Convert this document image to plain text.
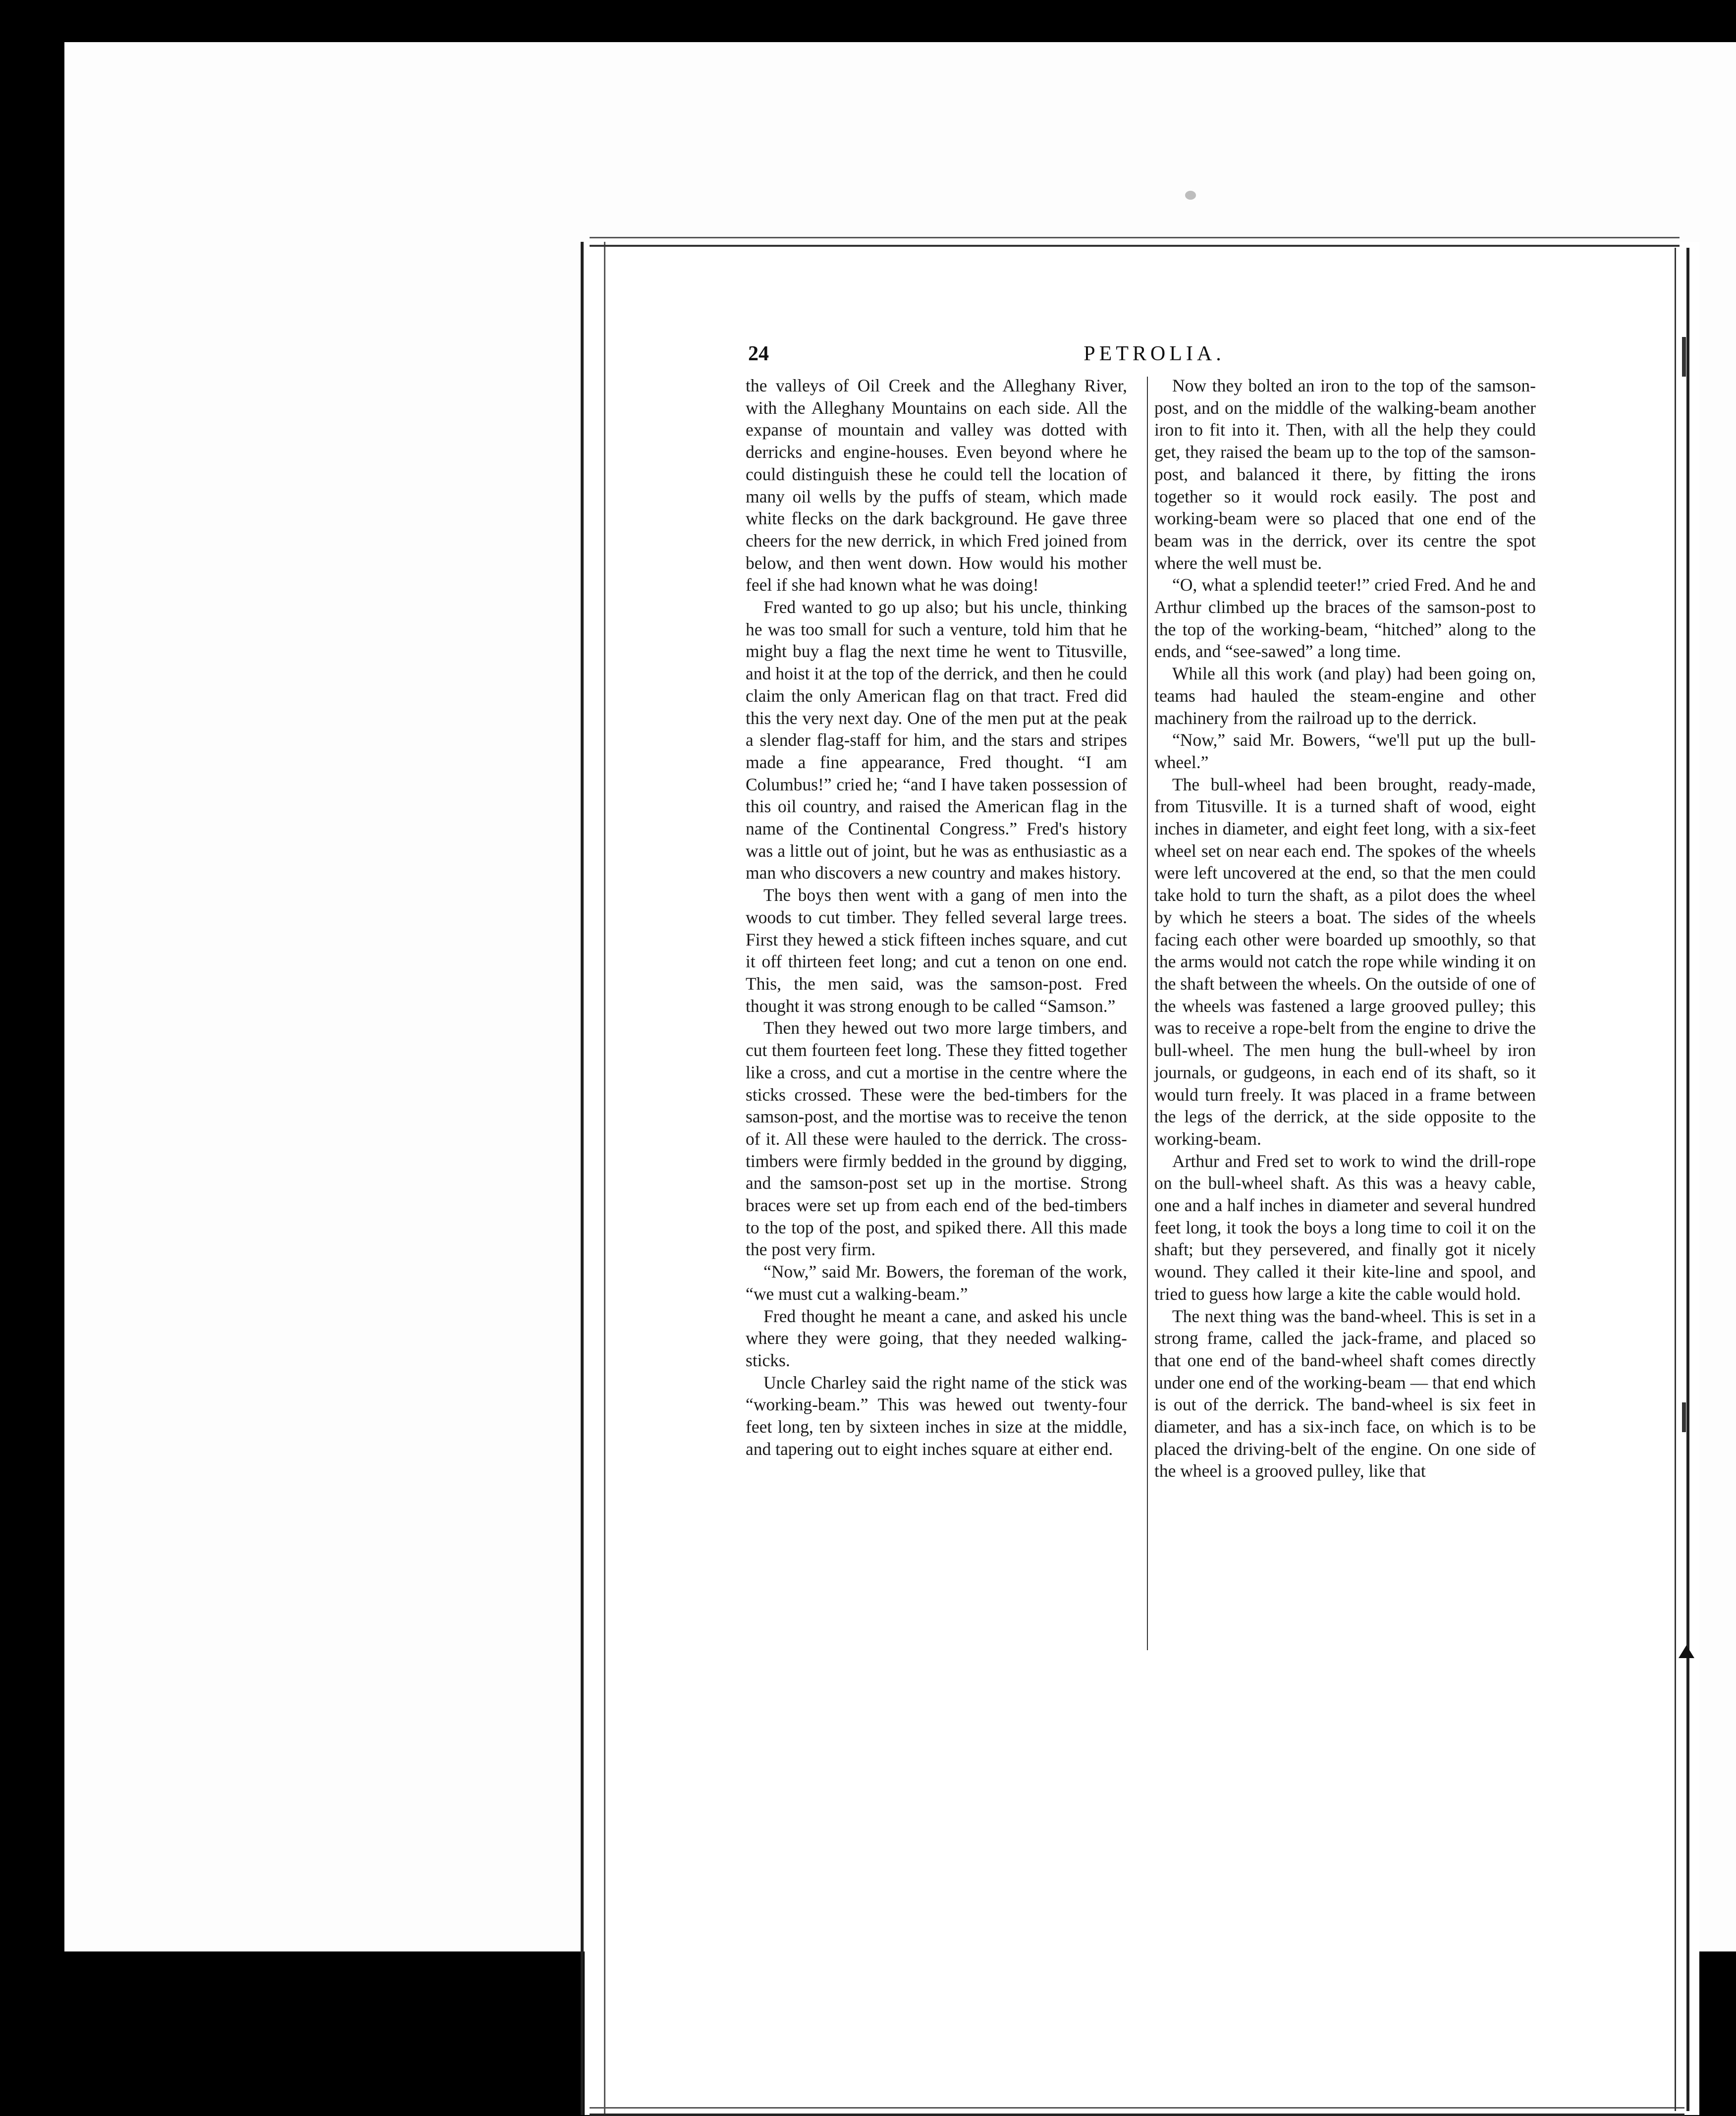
24	PETROLIA.

the valleys of Oil Creek and the Alleghany River, with the Alleghany Mountains on each side. All the expanse of mountain and valley was dotted with derricks and engine-houses. Even beyond where he could distinguish these he could tell the location of many oil wells by the puffs of steam, which made white flecks on the dark background. He gave three cheers for the new derrick, in which Fred joined from below, and then went down. How would his mother feel if she had known what he was doing!

Fred wanted to go up also; but his uncle, thinking he was too small for such a venture, told him that he might buy a flag the next time he went to Titusville, and hoist it at the top of the derrick, and then he could claim the only American flag on that tract. Fred did this the very next day. One of the men put at the peak a slender flag-staff for him, and the stars and stripes made a fine appearance, Fred thought. “I am Columbus!” cried he; “and I have taken possession of this oil country, and raised the American flag in the name of the Continental Congress.” Fred's history was a little out of joint, but he was as enthusiastic as a man who discovers a new country and makes history.

The boys then went with a gang of men into the woods to cut timber. They felled several large trees. First they hewed a stick fifteen inches square, and cut it off thirteen feet long; and cut a tenon on one end. This, the men said, was the samson-post. Fred thought it was strong enough to be called “Samson.”

Then they hewed out two more large timbers, and cut them fourteen feet long. These they fitted together like a cross, and cut a mortise in the centre where the sticks crossed. These were the bed-timbers for the samson-post, and the mortise was to receive the tenon of it. All these were hauled to the derrick. The cross-timbers were firmly bedded in the ground by digging, and the samson-post set up in the mortise. Strong braces were set up from each end of the bed-timbers to the top of the post, and spiked there. All this made the post very firm.

“Now,” said Mr. Bowers, the foreman of the work, “we must cut a walking-beam.”

Fred thought he meant a cane, and asked his uncle where they were going, that they needed walking-sticks.

Uncle Charley said the right name of the stick was “working-beam.” This was hewed out twenty-four feet long, ten by sixteen inches in size at the middle, and tapering out to eight inches square at either end.

Now they bolted an iron to the top of the samson-post, and on the middle of the walking-beam another iron to fit into it. Then, with all the help they could get, they raised the beam up to the top of the samson-post, and balanced it there, by fitting the irons together so it would rock easily. The post and working-beam were so placed that one end of the beam was in the derrick, over its centre the spot where the well must be.

“O, what a splendid teeter!” cried Fred. And he and Arthur climbed up the braces of the samson-post to the top of the working-beam, “hitched” along to the ends, and “see-sawed” a long time.

While all this work (and play) had been going on, teams had hauled the steam-engine and other machinery from the railroad up to the derrick.

“Now,” said Mr. Bowers, “we'll put up the bull-wheel.”

The bull-wheel had been brought, ready-made, from Titusville. It is a turned shaft of wood, eight inches in diameter, and eight feet long, with a six-feet wheel set on near each end. The spokes of the wheels were left uncovered at the end, so that the men could take hold to turn the shaft, as a pilot does the wheel by which he steers a boat. The sides of the wheels facing each other were boarded up smoothly, so that the arms would not catch the rope while winding it on the shaft between the wheels. On the outside of one of the wheels was fastened a large grooved pulley; this was to receive a rope-belt from the engine to drive the bull-wheel. The men hung the bull-wheel by iron journals, or gudgeons, in each end of its shaft, so it would turn freely. It was placed in a frame between the legs of the derrick, at the side opposite to the working-beam.

Arthur and Fred set to work to wind the drill-rope on the bull-wheel shaft. As this was a heavy cable, one and a half inches in diameter and several hundred feet long, it took the boys a long time to coil it on the shaft; but they persevered, and finally got it nicely wound. They called it their kite-line and spool, and tried to guess how large a kite the cable would hold.

The next thing was the band-wheel. This is set in a strong frame, called the jack-frame, and placed so that one end of the band-wheel shaft comes directly under one end of the working-beam — that end which is out of the derrick. The band-wheel is six feet in diameter, and has a six-inch face, on which is to be placed the driving-belt of the engine. On one side of the wheel is a grooved pulley, like that
